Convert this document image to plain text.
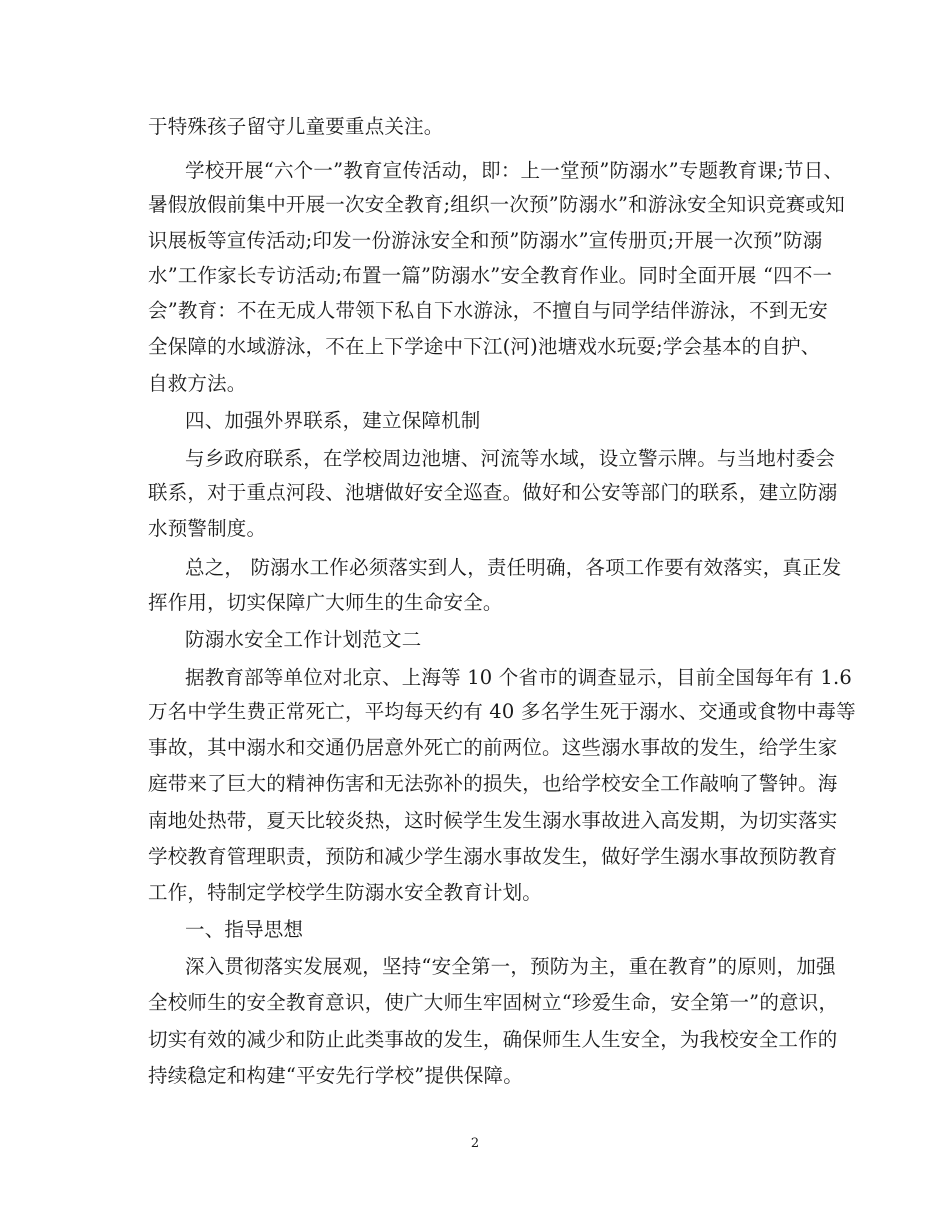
于特殊孩子留守儿童要重点关注。
学校开展“六个一”教育宣传活动，即：上一堂预”防溺水”专题教育课;节日、
暑假放假前集中开展一次安全教育;组织一次预”防溺水”和游泳安全知识竞赛或知
识展板等宣传活动;印发一份游泳安全和预”防溺水”宣传册页;开展一次预”防溺
水”工作家长专访活动;布置一篇”防溺水”安全教育作业。同时全面开展 “四不一
会”教育：不在无成人带领下私自下水游泳，不擅自与同学结伴游泳，不到无安
全保障的水域游泳，不在上下学途中下江(河)池塘戏水玩耍;学会基本的自护、
自救方法。
四、加强外界联系，建立保障机制
与乡政府联系，在学校周边池塘、河流等水域，设立警示牌。与当地村委会
联系，对于重点河段、池塘做好安全巡查。做好和公安等部门的联系，建立防溺
水预警制度。
总之， 防溺水工作必须落实到人，责任明确，各项工作要有效落实，真正发
挥作用，切实保障广大师生的生命安全。
防溺水安全工作计划范文二
据教育部等单位对北京、上海等 10 个省市的调查显示，目前全国每年有 1.6
万名中学生费正常死亡，平均每天约有 40 多名学生死于溺水、交通或食物中毒等
事故，其中溺水和交通仍居意外死亡的前两位。这些溺水事故的发生，给学生家
庭带来了巨大的精神伤害和无法弥补的损失，也给学校安全工作敲响了警钟。海
南地处热带，夏天比较炎热，这时候学生发生溺水事故进入高发期，为切实落实
学校教育管理职责，预防和减少学生溺水事故发生，做好学生溺水事故预防教育
工作，特制定学校学生防溺水安全教育计划。
一、指导思想
深入贯彻落实发展观，坚持“安全第一，预防为主，重在教育”的原则，加强
全校师生的安全教育意识，使广大师生牢固树立“珍爱生命，安全第一”的意识，
切实有效的减少和防止此类事故的发生，确保师生人生安全，为我校安全工作的
持续稳定和构建“平安先行学校”提供保障。
2
